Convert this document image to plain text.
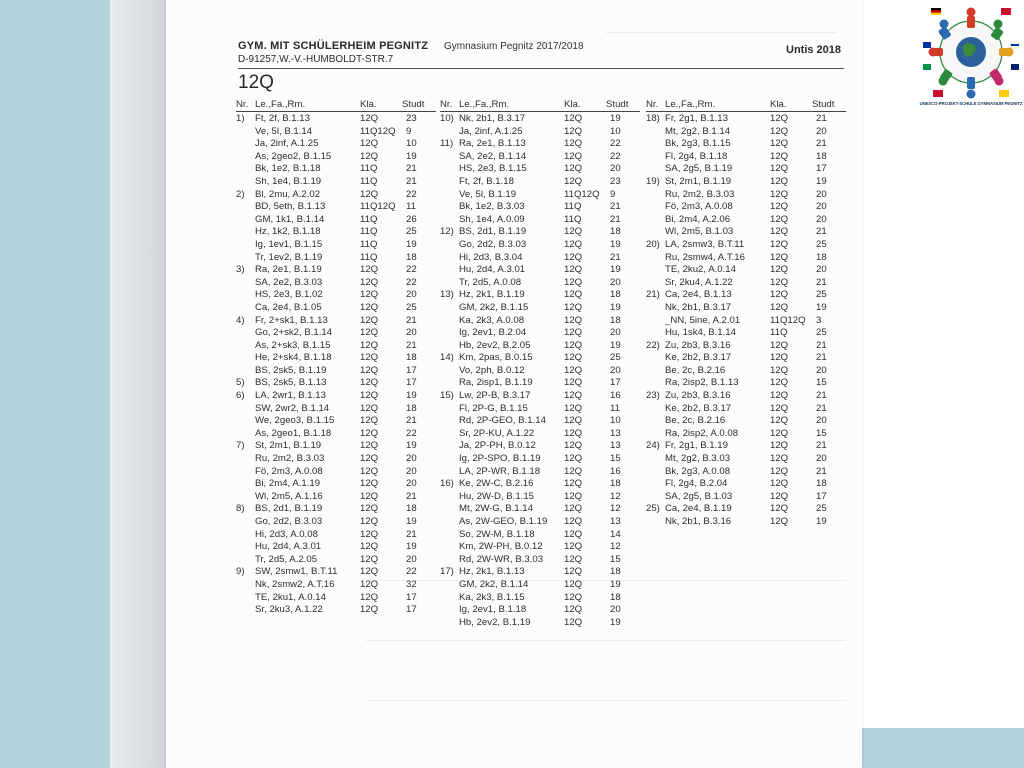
GYM. MIT SCHÜLERHEIM PEGNITZ
D-91257,W.-V.-HUMBOLDT-STR.7
Gymnasium Pegnitz 2017/2018	Untis 2018
12Q
Nr. Le.,Fa.,Rm.	Kla.	Studt
1) Ft, 2f, B.1.13	12Q	23
Ve, 5l, B.1.14	11Q12Q 9
Ja, 2inf, A.1.25	12Q	10
As, 2geo2, B.1.15	12Q	19
Bk, 1e2, B.1.18	11Q	21
Sh, 1e4, B.1.19	11Q	21
2) Bl, 2mu, A.2.02	12Q	22
BD, 5eth, B.1.13	11Q12Q 11
GM, 1k1, B.1.14	11Q	26
Hz, 1k2, B.1.18	11Q	25
Ig, 1ev1, B.1.15	11Q	19
Tr, 1ev2, B.1.19	11Q	18
3) Ra, 2e1, B.1.19	12Q	22
SA, 2e2, B.3.03	12Q	22
HS, 2e3, B.1.02	12Q	20
Ca, 2e4, B.1.05	12Q	25
4) Fr, 2+sk1, B.1.13	12Q	21
Go, 2+sk2, B.1.14	12Q	20
As, 2+sk3, B.1.15	12Q	21
He, 2+sk4, B.1.18	12Q	18
BS, 2sk5, B.1.19	12Q	17
5) BS, 2sk5, B.1.13	12Q	17
6) LA, 2wr1, B.1.13	12Q	19
SW, 2wr2, B.1.14	12Q	18
We, 2geo3, B.1.15	12Q	21
As, 2geo1, B.1.18	12Q	22
7) St, 2m1, B.1.19	12Q	19
Ru, 2m2, B.3.03	12Q	20
Fö, 2m3, A.0.08	12Q	20
Bi, 2m4, A.1.19	12Q	20
Wl, 2m5, A.1.16	12Q	21
8) BS, 2d1, B.1.19	12Q	18
Go, 2d2, B.3.03	12Q	19
Hi, 2d3, A.0.08	12Q	21
Hu, 2d4, A.3.01	12Q	19
Tr, 2d5, A.2.05	12Q	20
9) SW, 2smw1, B.T.11 12Q	22
Nk, 2smw2, A.T.16	12Q	32
TE, 2ku1, A.0.14	12Q	17
Sr, 2ku3, A.1.22	12Q	17
Nr. Le.,Fa.,Rm.	Kla.	Studt
10) Nk, 2b1, B.3.17	12Q	19
Ja, 2inf, A.1.25	12Q	10
11) Ra, 2e1, B.1.13	12Q	22
SA, 2e2, B.1.14	12Q	22
HS, 2e3, B.1.15	12Q	20
Ft, 2f, B.1.18	12Q	23
Ve, 5l, B.1.19	11Q12Q 9
Bk, 1e2, B.3.03	11Q	21
Sh, 1e4, A.0.09	11Q	21
12) BS, 2d1, B.1.19	12Q	18
Go, 2d2, B.3.03	12Q	19
Hi, 2d3, B.3.04	12Q	21
Hu, 2d4, A.3.01	12Q	19
Tr, 2d5, A.0.08	12Q	20
13) Hz, 2k1, B.1.19	12Q	18
GM, 2k2, B.1.15	12Q	19
Ka, 2k3, A.0.08	12Q	18
Ig, 2ev1, B.2.04	12Q	20
Hb, 2ev2, B.2.05	12Q	19
14) Km, 2pas, B.0.15	12Q	25
Vo, 2ph, B.0.12	12Q	20
Ra, 2isp1, B.1.19	12Q	17
15) Lw, 2P-B, B.3.17	12Q	16
Fl, 2P-G, B.1.15	12Q	11
Rd, 2P-GEO, B.1.14 12Q	10
Sr, 2P-KU, A.1.22	12Q	13
Ja, 2P-PH, B.0.12	12Q	13
Ig, 2P-SPO, B.1.19 12Q	15
LA, 2P-WR, B.1.18 12Q	16
16) Ke, 2W-C, B.2.16	12Q	18
Hu, 2W-D, B.1.15	12Q	12
Mt, 2W-G, B.1.14	12Q	12
As, 2W-GEO, B.1.19 12Q	13
So, 2W-M, B.1.18	12Q	14
Km, 2W-PH, B.0.12 12Q	12
Rd, 2W-WR, B.3.03 12Q	15
17) Hz, 2k1, B.1.13	12Q	18
GM, 2k2, B.1.14	12Q	19
Ka, 2k3, B.1.15	12Q	18
Ig, 2ev1, B.1.18	12Q	20
Hb, 2ev2, B.1.19	12Q	19
Nr. Le.,Fa.,Rm.	Kla.	Studt
18) Fr, 2g1, B.1.13	12Q	21
Mt, 2g2, B.1.14	12Q	20
Bk, 2g3, B.1.15	12Q	21
Fl, 2g4, B.1.18	12Q	18
SA, 2g5, B.1.19	12Q	17
19) St, 2m1, B.1.19	12Q	19
Ru, 2m2, B.3.03	12Q	20
Fö, 2m3, A.0.08	12Q	20
Bi, 2m4, A.2.06	12Q	20
Wl, 2m5, B.1.03	12Q	21
20) LA, 2smw3, B.T.11	12Q	25
Ru, 2smw4, A.T.16	12Q	18
TE, 2ku2, A.0.14	12Q	20
Sr, 2ku4, A.1.22	12Q	21
21) Ca, 2e4, B.1.13	12Q	25
Nk, 2b1, B.3.17	12Q	19
_NN, 5ine, A.2.01	11Q12Q 3
Hu, 1sk4, B.1.14	11Q	25
22) Zu, 2b3, B.3.16	12Q	21
Ke, 2b2, B.3.17	12Q	21
Be, 2c, B.2.16	12Q	20
Ra, 2isp2, B.1.13	12Q	15
23) Zu, 2b3, B.3.16	12Q	21
Ke, 2b2, B.3.17	12Q	21
Be, 2c, B.2.16	12Q	20
Ra, 2isp2, A.0.08	12Q	15
24) Fr, 2g1, B.1.19	12Q	21
Mt, 2g2, B.3.03	12Q	20
Bk, 2g3, A.0.08	12Q	21
Fl, 2g4, B.2.04	12Q	18
SA, 2g5, B.1.03	12Q	17
25) Ca, 2e4, B.1.19	12Q	25
Nk, 2b1, B.3.16	12Q	19
UNESCO-PROJEKT-SCHULE GYMNASIUM PEGNITZ
